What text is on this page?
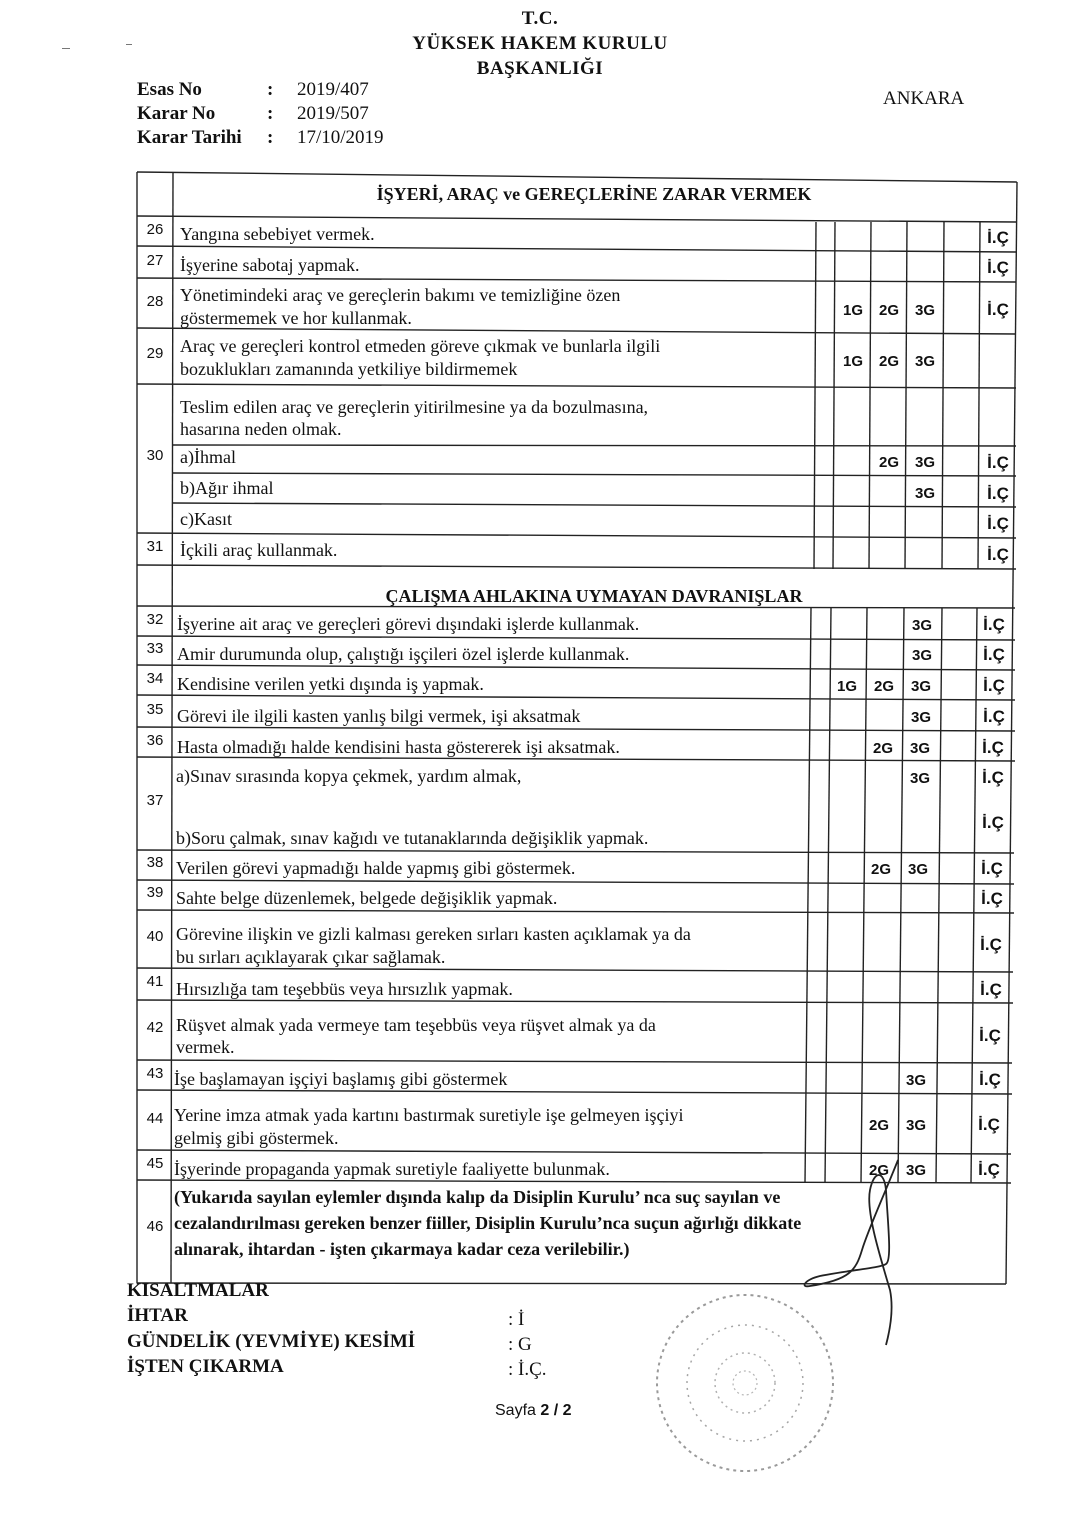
T.C.
YÜKSEK HAKEM KURULU
BAŞKANLIĞI
ANKARA
Esas No	: 2019/407
Karar No	: 2019/507
Karar Tarihi : 17/10/2019
İŞYERİ, ARAÇ ve GEREÇLERİNE ZARAR VERMEK
ÇALIŞMA AHLAKINA UYMAYAN DAVRANIŞLAR
26 Yangına sebebiyet vermek.	İ.Ç
27 İşyerine sabotaj yapmak.	İ.Ç
28 Yönetimindeki araç ve gereçlerin bakımı ve temizliğine özen
göstermemek ve hor kullanmak.	1G	2G	3G	İ.Ç
29 Araç ve gereçleri kontrol etmeden göreve çıkmak ve bunlarla ilgili
bozuklukları zamanında yetkiliye bildirmemek	1G	2G	3G
30
Teslim edilen araç ve gereçlerin yitirilmesine ya da bozulmasına,
hasarına neden olmak.
a)İhmal	2G	3G	İ.Ç
b)Ağır ihmal	3G	İ.Ç
c)Kasıt	İ.Ç
31 İçkili araç kullanmak.	İ.Ç
32 İşyerine ait araç ve gereçleri görevi dışındaki işlerde kullanmak.	3G	İ.Ç
33 Amir durumunda olup, çalıştığı işçileri özel işlerde kullanmak.	3G	İ.Ç
34 Kendisine verilen yetki dışında iş yapmak.	1G	2G	3G	İ.Ç
35 Görevi ile ilgili kasten yanlış bilgi vermek, işi aksatmak	3G	İ.Ç
36 Hasta olmadığı halde kendisini hasta göstererek işi aksatmak.	2G	3G	İ.Ç
37
a)Sınav sırasında kopya çekmek, yardım almak,	3G	İ.Ç
b)Soru çalmak, sınav kağıdı ve tutanaklarında değişiklik yapmak.
İ.Ç
38 Verilen görevi yapmadığı halde yapmış gibi göstermek.	2G	3G	İ.Ç
39 Sahte belge düzenlemek, belgede değişiklik yapmak.	İ.Ç
40 Görevine ilişkin ve gizli kalması gereken sırları kasten açıklamak ya da
bu sırları açıklayarak çıkar sağlamak.
İ.Ç
41 Hırsızlığa tam teşebbüs veya hırsızlık yapmak.	İ.Ç
42 Rüşvet almak yada vermeye tam teşebbüs veya rüşvet almak ya da
vermek.
İ.Ç
43 İşe başlamayan işçiyi başlamış gibi göstermek	3G	İ.Ç
44 Yerine imza atmak yada kartını bastırmak suretiyle işe gelmeyen işçiyi
gelmiş gibi göstermek.
2G	3G	İ.Ç
45 İşyerinde propaganda yapmak suretiyle faaliyette bulunmak.	2G	3G	İ.Ç
46
(Yukarıda sayılan eylemler dışında kalıp da Disiplin Kurulu’ nca suç sayılan ve
cezalandırılması gereken benzer fiiller, Disiplin Kurulu’nca suçun ağırlığı dikkate
alınarak, ihtardan - işten çıkarmaya kadar ceza verilebilir.)
KISALTMALAR
İHTAR
GÜNDELİK (YEVMİYE) KESİMİ
İŞTEN ÇIKARMA
: İ
: G
: İ.Ç.
Sayfa 2 / 2
